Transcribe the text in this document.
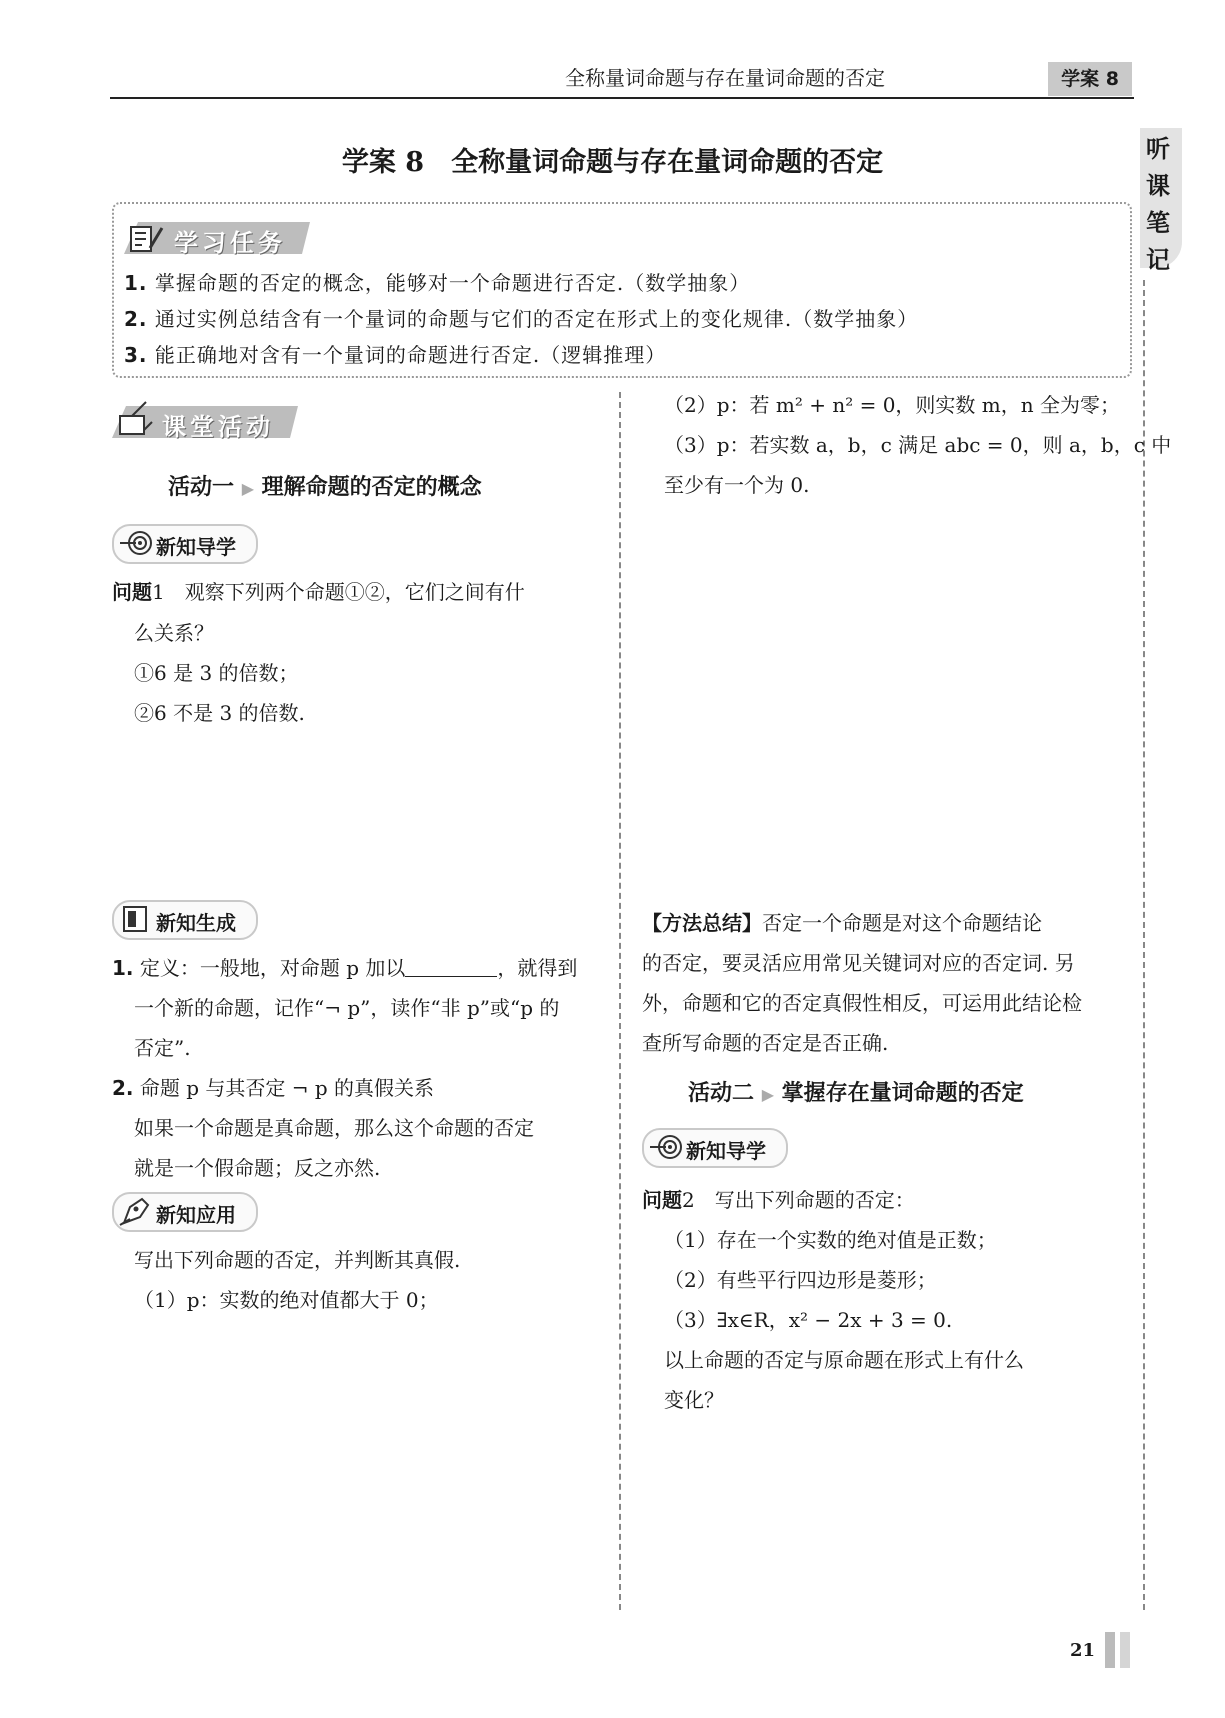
全称量词命题与存在量词命题的否定	学案 8
听
课
笔
记
学案 8　全称量词命题与存在量词命题的否定
学习任务
1. 掌握命题的否定的概念，能够对一个命题进行否定.（数学抽象）
2. 通过实例总结含有一个量词的命题与它们的否定在形式上的变化规律.（数学抽象）
3. 能正确地对含有一个量词的命题进行否定.（逻辑推理）
课堂活动
活动一 ▶ 理解命题的否定的概念
新知导学
问题1　观察下列两个命题①②，它们之间有什
么关系？
①6 是 3 的倍数；
②6 不是 3 的倍数.
新知生成
1. 定义：一般地，对命题 p 加以	，就得到
一个新的命题，记作“¬ p”，读作“非 p”或“p 的
否定”.
2. 命题 p 与其否定 ¬ p 的真假关系
如果一个命题是真命题，那么这个命题的否定
就是一个假命题；反之亦然.
新知应用
写出下列命题的否定，并判断其真假.
（1）p：实数的绝对值都大于 0；
（2）p：若 m² + n² = 0，则实数 m，n 全为零；
（3）p：若实数 a，b，c 满足 abc = 0，则 a，b，c 中
至少有一个为 0.
【方法总结】否定一个命题是对这个命题结论
的否定，要灵活应用常见关键词对应的否定词. 另
外，命题和它的否定真假性相反，可运用此结论检
查所写命题的否定是否正确.
活动二 ▶ 掌握存在量词命题的否定
新知导学
问题2　写出下列命题的否定：
（1）存在一个实数的绝对值是正数；
（2）有些平行四边形是菱形；
（3）∃x∈R，x² − 2x + 3 = 0.
以上命题的否定与原命题在形式上有什么
变化？
21
